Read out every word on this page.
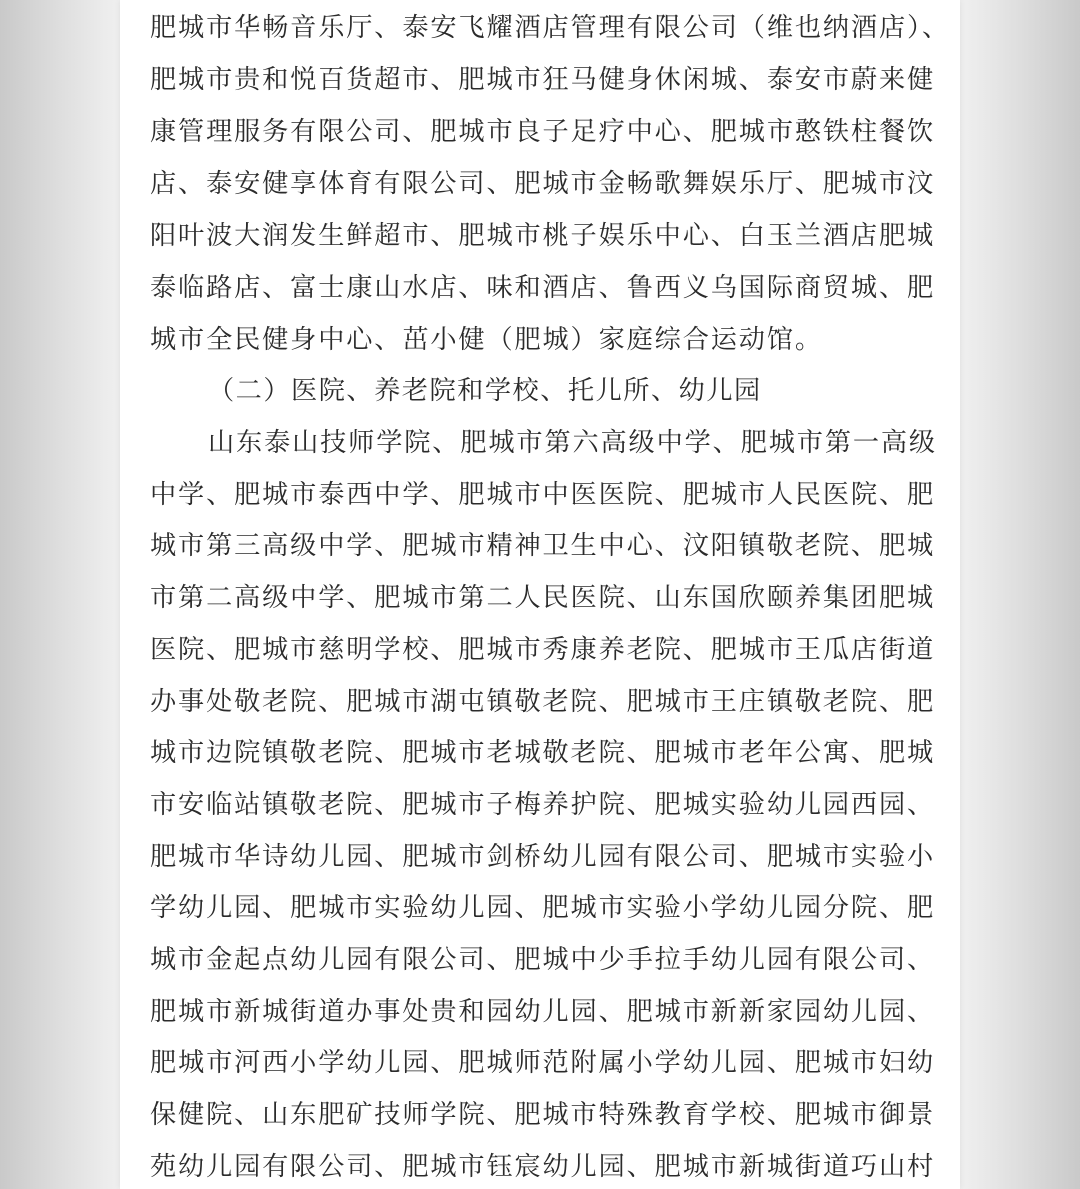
肥城市华畅音乐厅、泰安飞耀酒店管理有限公司（维也纳酒店）、
肥城市贵和悦百货超市、肥城市狂马健身休闲城、泰安市蔚来健
康管理服务有限公司、肥城市良子足疗中心、肥城市憨铁柱餐饮
店、泰安健享体育有限公司、肥城市金畅歌舞娱乐厅、肥城市汶
阳叶波大润发生鲜超市、肥城市桃子娱乐中心、白玉兰酒店肥城
泰临路店、富士康山水店、味和酒店、鲁西义乌国际商贸城、肥
城市全民健身中心、茁小健（肥城）家庭综合运动馆。
（二）医院、养老院和学校、托儿所、幼儿园
山东泰山技师学院、肥城市第六高级中学、肥城市第一高级
中学、肥城市泰西中学、肥城市中医医院、肥城市人民医院、肥
城市第三高级中学、肥城市精神卫生中心、汶阳镇敬老院、肥城
市第二高级中学、肥城市第二人民医院、山东国欣颐养集团肥城
医院、肥城市慈明学校、肥城市秀康养老院、肥城市王瓜店街道
办事处敬老院、肥城市湖屯镇敬老院、肥城市王庄镇敬老院、肥
城市边院镇敬老院、肥城市老城敬老院、肥城市老年公寓、肥城
市安临站镇敬老院、肥城市子梅养护院、肥城实验幼儿园西园、
肥城市华诗幼儿园、肥城市剑桥幼儿园有限公司、肥城市实验小
学幼儿园、肥城市实验幼儿园、肥城市实验小学幼儿园分院、肥
城市金起点幼儿园有限公司、肥城中少手拉手幼儿园有限公司、
肥城市新城街道办事处贵和园幼儿园、肥城市新新家园幼儿园、
肥城市河西小学幼儿园、肥城师范附属小学幼儿园、肥城市妇幼
保健院、山东肥矿技师学院、肥城市特殊教育学校、肥城市御景
苑幼儿园有限公司、肥城市钰宸幼儿园、肥城市新城街道巧山村
